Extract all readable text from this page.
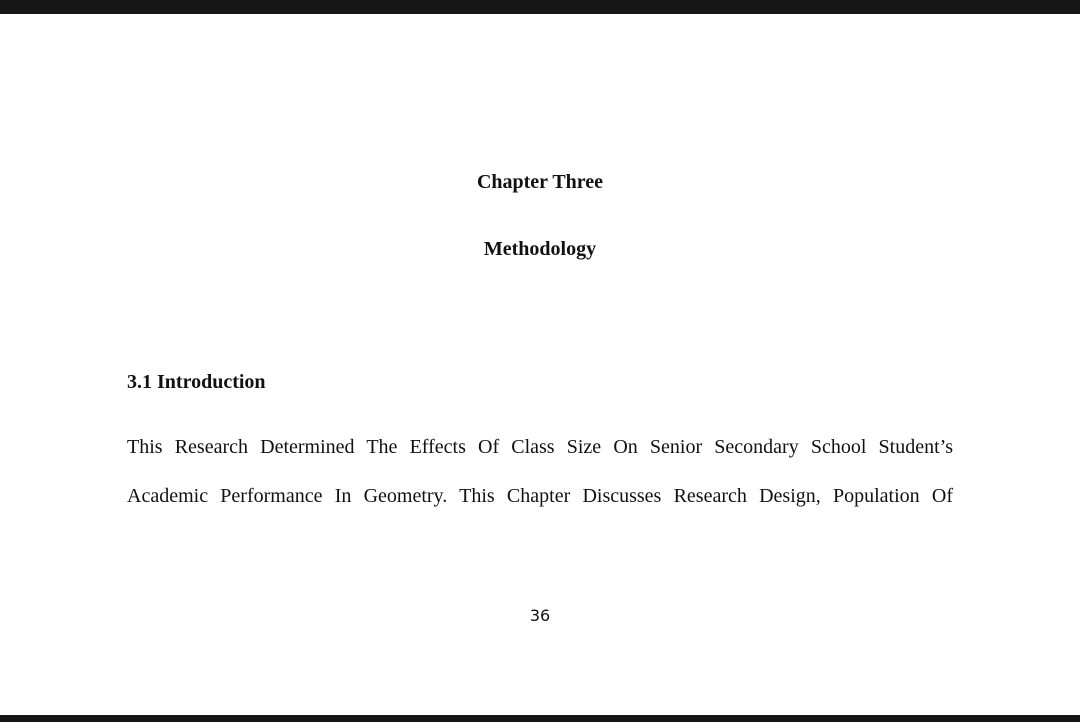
Chapter Three
Methodology
3.1 Introduction

This Research Determined The Effects Of Class Size On Senior Secondary School Student’s

Academic Performance In Geometry. This Chapter Discusses Research Design, Population Of

36
